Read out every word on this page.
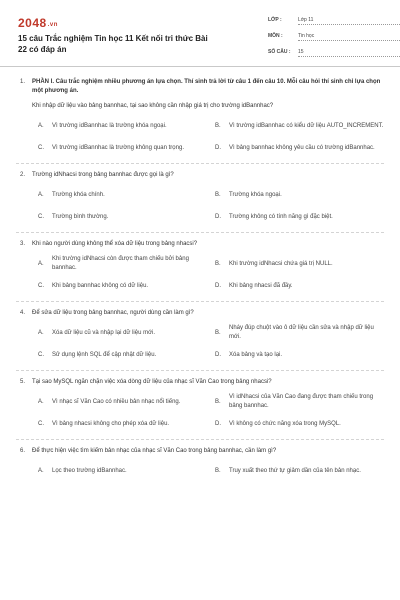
2048.vn
15 câu Trắc nghiệm Tin học 11 Kết nối tri thức Bài 22 có đáp án
LỚP :	Lớp 11
MÔN :	Tin học
SỐ CÂU : 15
1. PHẦN I. Câu trắc nghiệm nhiều phương án lựa chọn. Thí sinh trả lời từ câu 1 đến câu 10. Mỗi câu hỏi thí sinh chỉ lựa chọn một phương án.
Khi nhập dữ liệu vào bảng bannhac, tại sao không cần nhập giá trị cho trường idBannhac?
A.	Vì trường idBannhac là trường khóa ngoại.	B.	Vì trường idBannhac có kiểu dữ liệu AUTO_INCREMENT.
C.	Vì trường idBannhac là trường không quan trọng.	D.	Vì bảng bannhac không yêu cầu có trường idBannhac.
2. Trường idNhacsi trong bảng bannhac được gọi là gì?
A.	Trường khóa chính.	B.	Trường khóa ngoại.
C.	Trường bình thường.	D.	Trường không có tính năng gì đặc biệt.
3. Khi nào người dùng không thể xóa dữ liệu trong bảng nhacsi?
A.
Khi trường idNhacsi còn được tham chiếu bởi bảng bannhac.
B.	Khi trường idNhacsi chứa giá trị NULL.
C.	Khi bảng bannhac không có dữ liệu.	D.	Khi bảng nhacsi đã đầy.
4. Để sửa dữ liệu trong bảng bannhac, người dùng cần làm gì?
A.	Xóa dữ liệu cũ và nhập lại dữ liệu mới.	B.
Nháy đúp chuột vào ô dữ liệu cần sửa và nhập dữ liệu mới.
C.	Sử dụng lệnh SQL để cập nhật dữ liệu.	D.	Xóa bảng và tạo lại.
5. Tại sao MySQL ngăn chặn việc xóa dòng dữ liệu của nhạc sĩ Văn Cao trong bảng nhacsi?
A.	Vì nhạc sĩ Văn Cao có nhiều bản nhạc nổi tiếng.	B.
Vì idNhacsi của Văn Cao đang được tham chiếu trong bảng bannhac.
C.	Vì bảng nhacsi không cho phép xóa dữ liệu.	D.	Vì không có chức năng xóa trong MySQL.
6. Để thực hiện việc tìm kiếm bản nhạc của nhạc sĩ Văn Cao trong bảng bannhac, cần làm gì?
A.	Lọc theo trường idBannhac.	B.	Truy xuất theo thứ tự giảm dần của tên bản nhạc.
